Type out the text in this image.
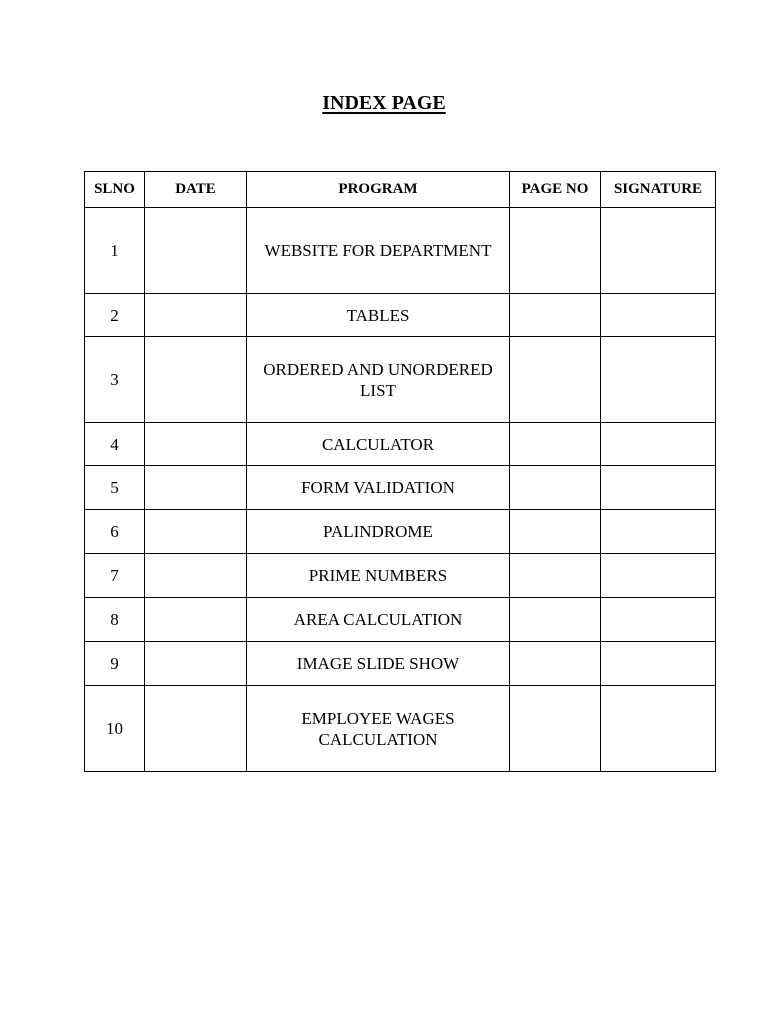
INDEX PAGE
SLNO	DATE	PROGRAM	PAGE NO	SIGNATURE
1		WEBSITE FOR DEPARTMENT		
2		TABLES		
3		ORDERED AND UNORDERED LIST		
4		CALCULATOR		
5		FORM VALIDATION		
6		PALINDROME		
7		PRIME NUMBERS		
8		AREA CALCULATION		
9		IMAGE SLIDE SHOW		
10		EMPLOYEE WAGES CALCULATION		
